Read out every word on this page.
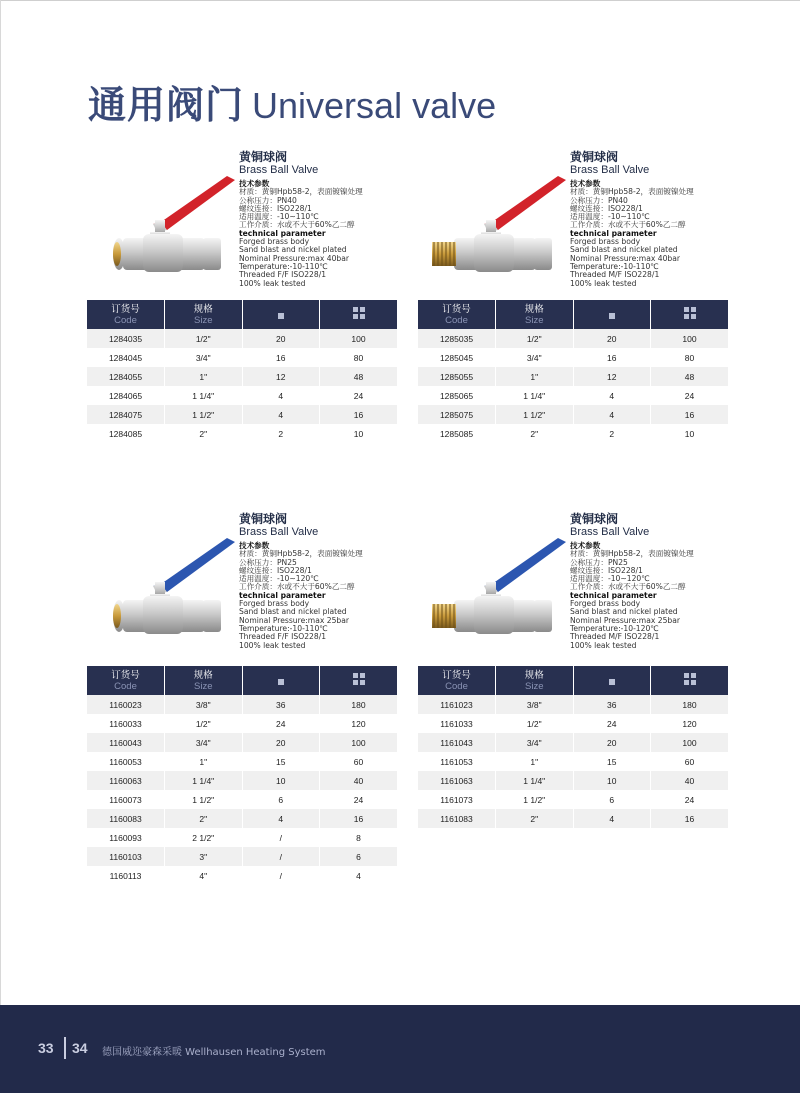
通用阀门 Universal valve
黄铜球阀
Brass Ball Valve
技术参数
材质：黄铜Hpb58-2，表面镀镍处理
公称压力：PN40
螺纹连接：ISO228/1
适用温度：-10~110℃
工作介质：水或不大于60%乙二醇
technical parameter
Forged brass body
Sand blast and nickel plated
Nominal Pressure:max 40bar
Temperature:-10-110℃
Threaded F/F ISO228/1
100% leak tested
订货号
Code	规格
Size		

1284035	1/2"	20	100
1284045	3/4"	16	80
1284055	1"	12	48
1284065	1 1/4"	4	24
1284075	1 1/2"	4	16
1284085	2"	2	10
黄铜球阀
Brass Ball Valve
技术参数
材质：黄铜Hpb58-2，表面镀镍处理
公称压力：PN40
螺纹连接：ISO228/1
适用温度：-10~110℃
工作介质：水或不大于60%乙二醇
technical parameter
Forged brass body
Sand blast and nickel plated
Nominal Pressure:max 40bar
Temperature:-10-110℃
Threaded M/F ISO228/1
100% leak tested
订货号
Code	规格
Size		

1285035	1/2"	20	100
1285045	3/4"	16	80
1285055	1"	12	48
1285065	1 1/4"	4	24
1285075	1 1/2"	4	16
1285085	2"	2	10
黄铜球阀
Brass Ball Valve
技术参数
材质：黄铜Hpb58-2，表面镀镍处理
公称压力：PN25
螺纹连接：ISO228/1
适用温度：-10~120℃
工作介质：水或不大于60%乙二醇
technical parameter
Forged brass body
Sand blast and nickel plated
Nominal Pressure:max 25bar
Temperature:-10-110℃
Threaded F/F ISO228/1
100% leak tested
订货号
Code	规格
Size		

1160023	3/8"	36	180
1160033	1/2"	24	120
1160043	3/4"	20	100
1160053	1"	15	60
1160063	1 1/4"	10	40
1160073	1 1/2"	6	24
1160083	2"	4	16
1160093	2 1/2"	/	8
1160103	3"	/	6
1160113	4"	/	4
黄铜球阀
Brass Ball Valve
技术参数
材质：黄铜Hpb58-2，表面镀镍处理
公称压力：PN25
螺纹连接：ISO228/1
适用温度：-10~120℃
工作介质：水或不大于60%乙二醇
technical parameter
Forged brass body
Sand blast and nickel plated
Nominal Pressure:max 25bar
Temperature:-10-120℃
Threaded M/F ISO228/1
100% leak tested
订货号
Code	规格
Size		

1161023	3/8"	36	180
1161033	1/2"	24	120
1161043	3/4"	20	100
1161053	1"	15	60
1161063	1 1/4"	10	40
1161073	1 1/2"	6	24
1161083	2"	4	16
33 34 德国威迩豪森采暖 Wellhausen Heating System
